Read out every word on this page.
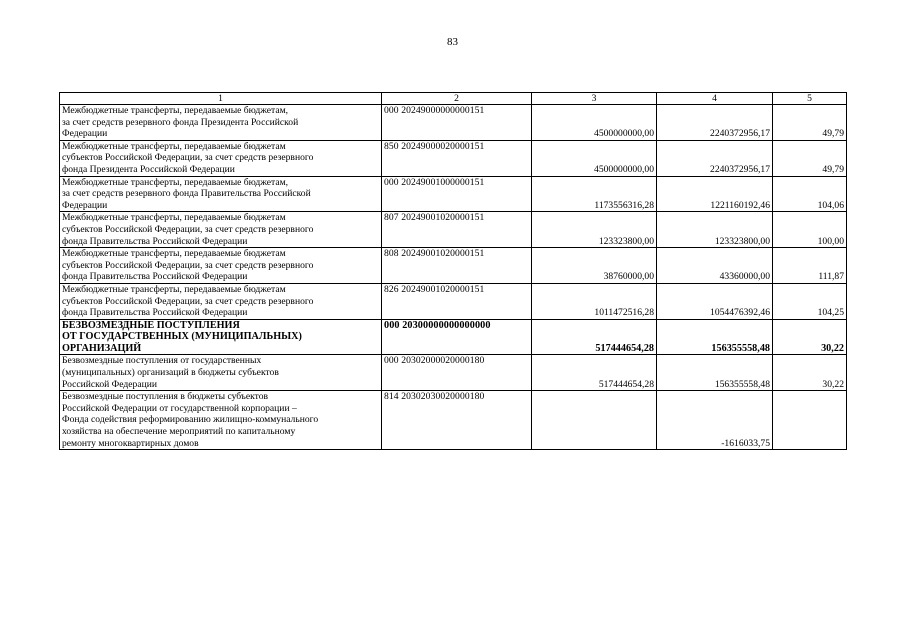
83
1	2	3	4	5
Межбюджетные трансферты, передаваемые бюджетам,
за счет средств резервного фонда Президента Российской
Федерации	000 20249000000000151	4500000000,00	2240372956,17	49,79
Межбюджетные трансферты, передаваемые бюджетам
субъектов Российской Федерации, за счет средств резервного
фонда Президента Российской Федерации	850 20249000020000151	4500000000,00	2240372956,17	49,79
Межбюджетные трансферты, передаваемые бюджетам,
за счет средств резервного фонда Правительства Российской
Федерации	000 20249001000000151	1173556316,28	1221160192,46	104,06
Межбюджетные трансферты, передаваемые бюджетам
субъектов Российской Федерации, за счет средств резервного
фонда Правительства Российской Федерации	807 20249001020000151	123323800,00	123323800,00	100,00
Межбюджетные трансферты, передаваемые бюджетам
субъектов Российской Федерации, за счет средств резервного
фонда Правительства Российской Федерации	808 20249001020000151	38760000,00	43360000,00	111,87
Межбюджетные трансферты, передаваемые бюджетам
субъектов Российской Федерации, за счет средств резервного
фонда Правительства Российской Федерации	826 20249001020000151	1011472516,28	1054476392,46	104,25
БЕЗВОЗМЕЗДНЫЕ ПОСТУПЛЕНИЯ
ОТ ГОСУДАРСТВЕННЫХ (МУНИЦИПАЛЬНЫХ)
ОРГАНИЗАЦИЙ	000 20300000000000000	517444654,28	156355558,48	30,22
Безвозмездные поступления от государственных
(муниципальных) организаций в бюджеты субъектов
Российской Федерации	000 20302000020000180	517444654,28	156355558,48	30,22
Безвозмездные поступления в бюджеты субъектов
Российской Федерации от государственной корпорации –
Фонда содействия реформированию жилищно-коммунального
хозяйства на обеспечение мероприятий по капитальному
ремонту многоквартирных домов	814 20302030020000180		-1616033,75	
